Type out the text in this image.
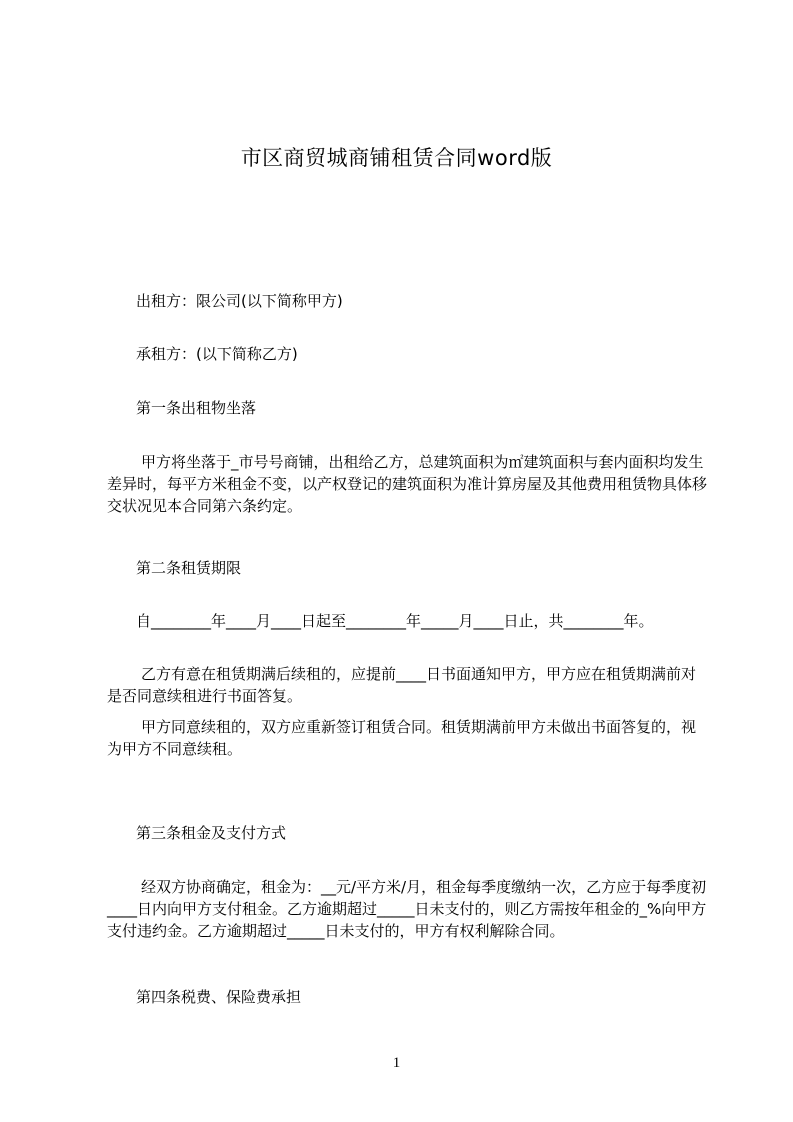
市区商贸城商铺租赁合同word版
出租方：限公司(以下简称甲方)
承租方：(以下简称乙方)
第一条出租物坐落
甲方将坐落于_市号号商铺，出租给乙方，总建筑面积为㎡建筑面积与套内面积均发生差异时，每平方米租金不变，以产权登记的建筑面积为准计算房屋及其他费用租赁物具体移交状况见本合同第六条约定。
第二条租赁期限
自________年____月____日起至________年_____月____日止，共________年。
乙方有意在租赁期满后续租的，应提前____日书面通知甲方，甲方应在租赁期满前对是否同意续租进行书面答复。
甲方同意续租的，双方应重新签订租赁合同。租赁期满前甲方未做出书面答复的，视为甲方不同意续租。
第三条租金及支付方式
经双方协商确定，租金为：__元/平方米/月，租金每季度缴纳一次，乙方应于每季度初____日内向甲方支付租金。乙方逾期超过_____日未支付的，则乙方需按年租金的_%向甲方支付违约金。乙方逾期超过_____日未支付的，甲方有权利解除合同。
第四条税费、保险费承担
1
